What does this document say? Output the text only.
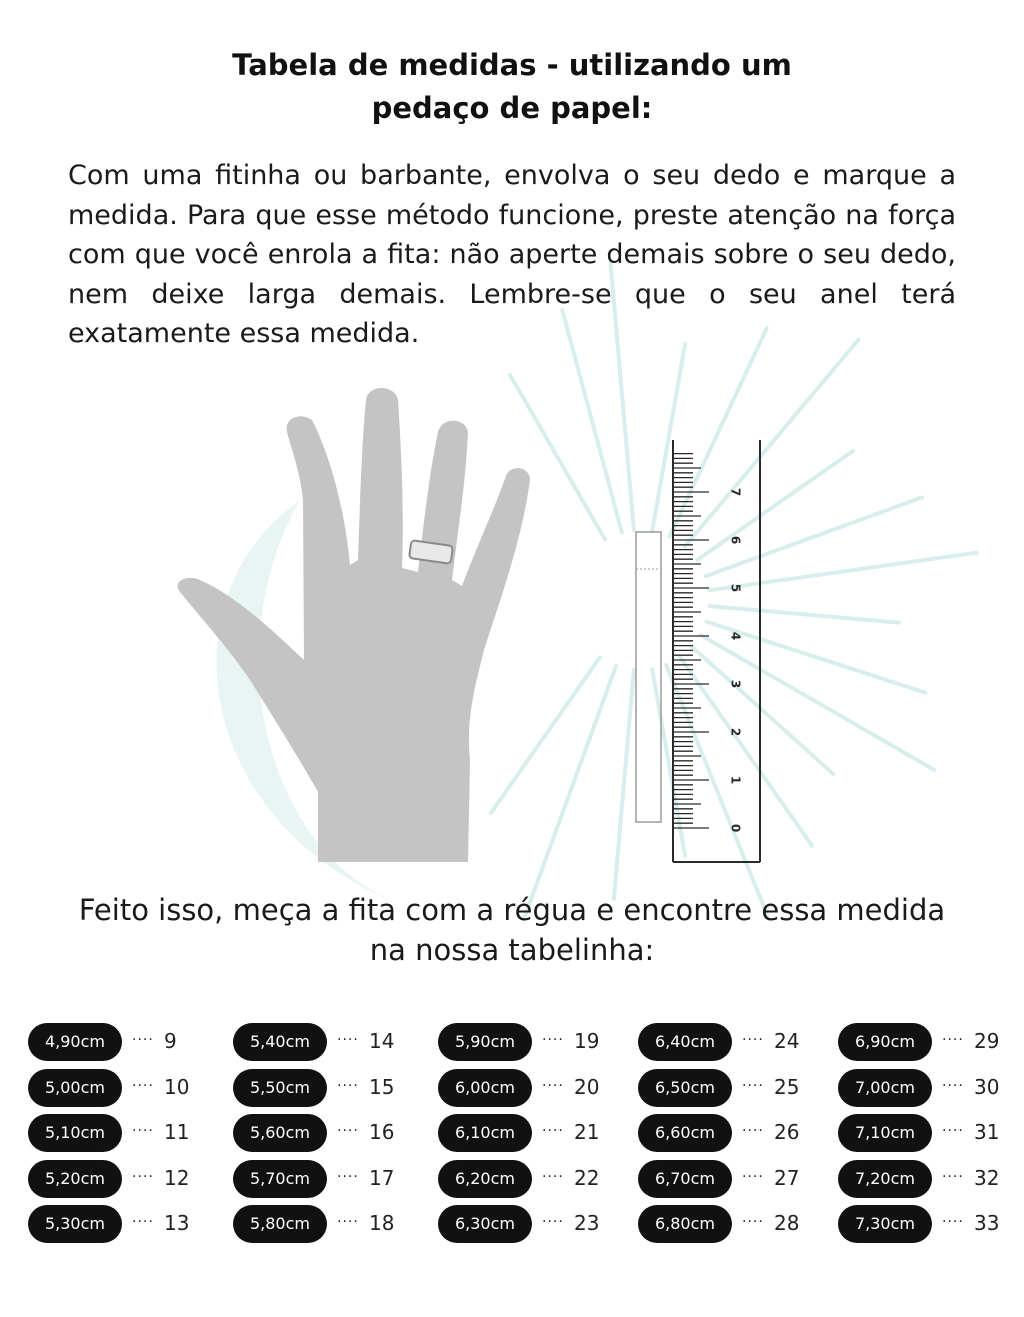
Tabela de medidas - utilizando um
pedaço de papel:
0
1
2
3
4
5
6
7
Com uma fitinha ou barbante, envolva o seu dedo e marque a medida. Para que esse método funcione, preste atenção na força com que você enrola a fita: não aperte demais sobre o seu dedo, nem deixe larga demais. Lembre-se que o seu anel terá exatamente essa medida.
Feito isso, meça a fita com a régua e encontre essa medida
na nossa tabelinha:
4,90cm	···· 9
5,00cm	···· 10
5,10cm	···· 11
5,20cm	···· 12
5,30cm	···· 13
5,40cm	···· 14
5,50cm	···· 15
5,60cm	···· 16
5,70cm	···· 17
5,80cm	···· 18
5,90cm	···· 19
6,00cm	···· 20
6,10cm	···· 21
6,20cm	···· 22
6,30cm	···· 23
6,40cm	···· 24
6,50cm	···· 25
6,60cm	···· 26
6,70cm	···· 27
6,80cm	···· 28
6,90cm	···· 29
7,00cm	···· 30
7,10cm	···· 31
7,20cm	···· 32
7,30cm	···· 33
